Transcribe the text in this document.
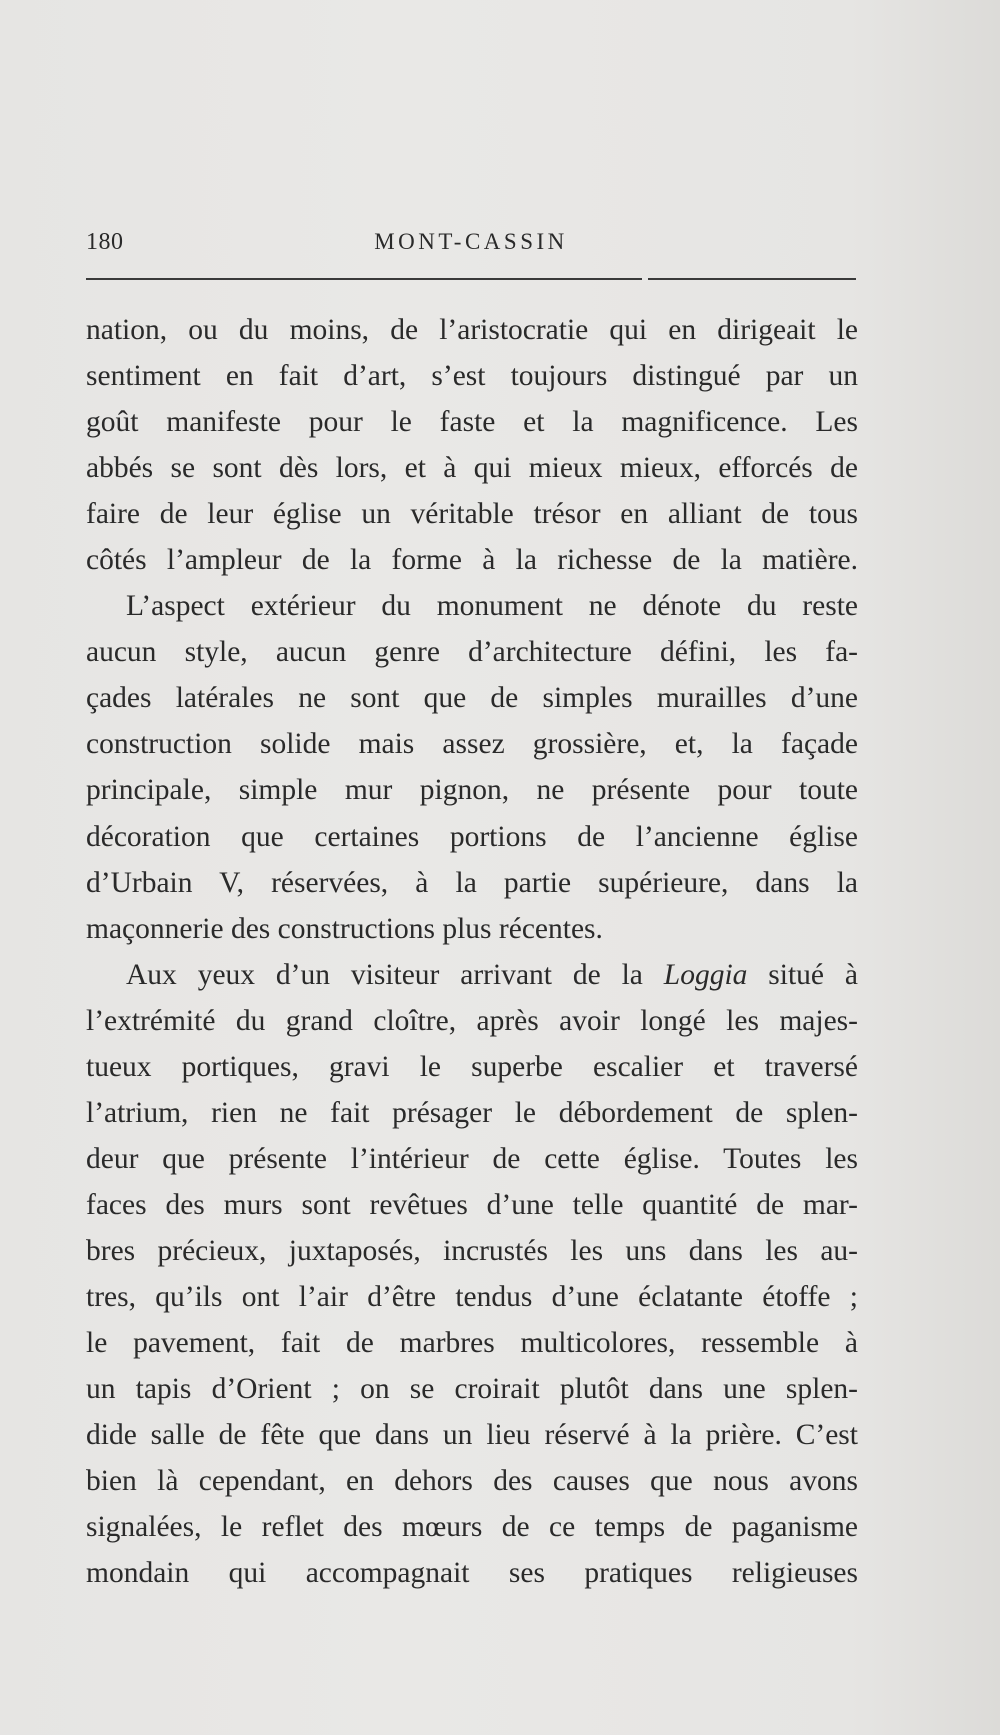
180	MONT-CASSIN
nation, ou du moins, de l’aristocratie qui en dirigeait le
sentiment en fait d’art, s’est toujours distingué par un
goût manifeste pour le faste et la magnificence. Les
abbés se sont dès lors, et à qui mieux mieux, efforcés de
faire de leur église un véritable trésor en alliant de tous
côtés l’ampleur de la forme à la richesse de la matière.
L’aspect extérieur du monument ne dénote du reste
aucun style, aucun genre d’architecture défini, les fa-
çades latérales ne sont que de simples murailles d’une
construction solide mais assez grossière, et, la façade
principale, simple mur pignon, ne présente pour toute
décoration que certaines portions de l’ancienne église
d’Urbain V, réservées, à la partie supérieure, dans la
maçonnerie des constructions plus récentes.
Aux yeux d’un visiteur arrivant de la Loggia situé à
l’extrémité du grand cloître, après avoir longé les majes-
tueux portiques, gravi le superbe escalier et traversé
l’atrium, rien ne fait présager le débordement de splen-
deur que présente l’intérieur de cette église. Toutes les
faces des murs sont revêtues d’une telle quantité de mar-
bres précieux, juxtaposés, incrustés les uns dans les au-
tres, qu’ils ont l’air d’être tendus d’une éclatante étoffe ;
le pavement, fait de marbres multicolores, ressemble à
un tapis d’Orient ; on se croirait plutôt dans une splen-
dide salle de fête que dans un lieu réservé à la prière. C’est
bien là cependant, en dehors des causes que nous avons
signalées, le reflet des mœurs de ce temps de paganisme
mondain qui accompagnait ses pratiques religieuses
